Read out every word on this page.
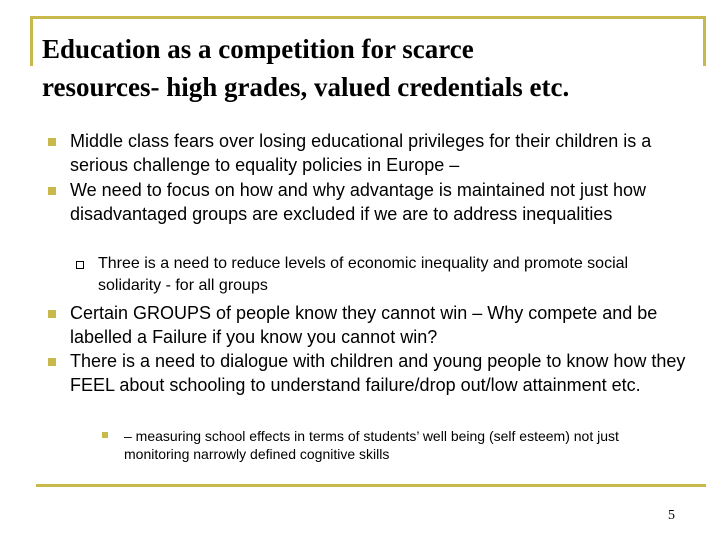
Education as a competition for scarce
resources- high grades, valued credentials etc.
Middle class fears over losing educational privileges for their children is a serious challenge to equality policies in Europe –
We need to focus on how and why advantage is maintained not just how disadvantaged groups are excluded if we are to address inequalities
Three is a need to reduce levels of economic inequality and promote social solidarity - for all groups
Certain GROUPS of people know they cannot win – Why compete and be labelled a Failure if you know you cannot win?
There is a need to dialogue with children and young people to know how they FEEL about schooling to understand failure/drop out/low attainment etc.
– measuring school effects in terms of students’ well being (self esteem) not just monitoring narrowly defined cognitive skills
5
